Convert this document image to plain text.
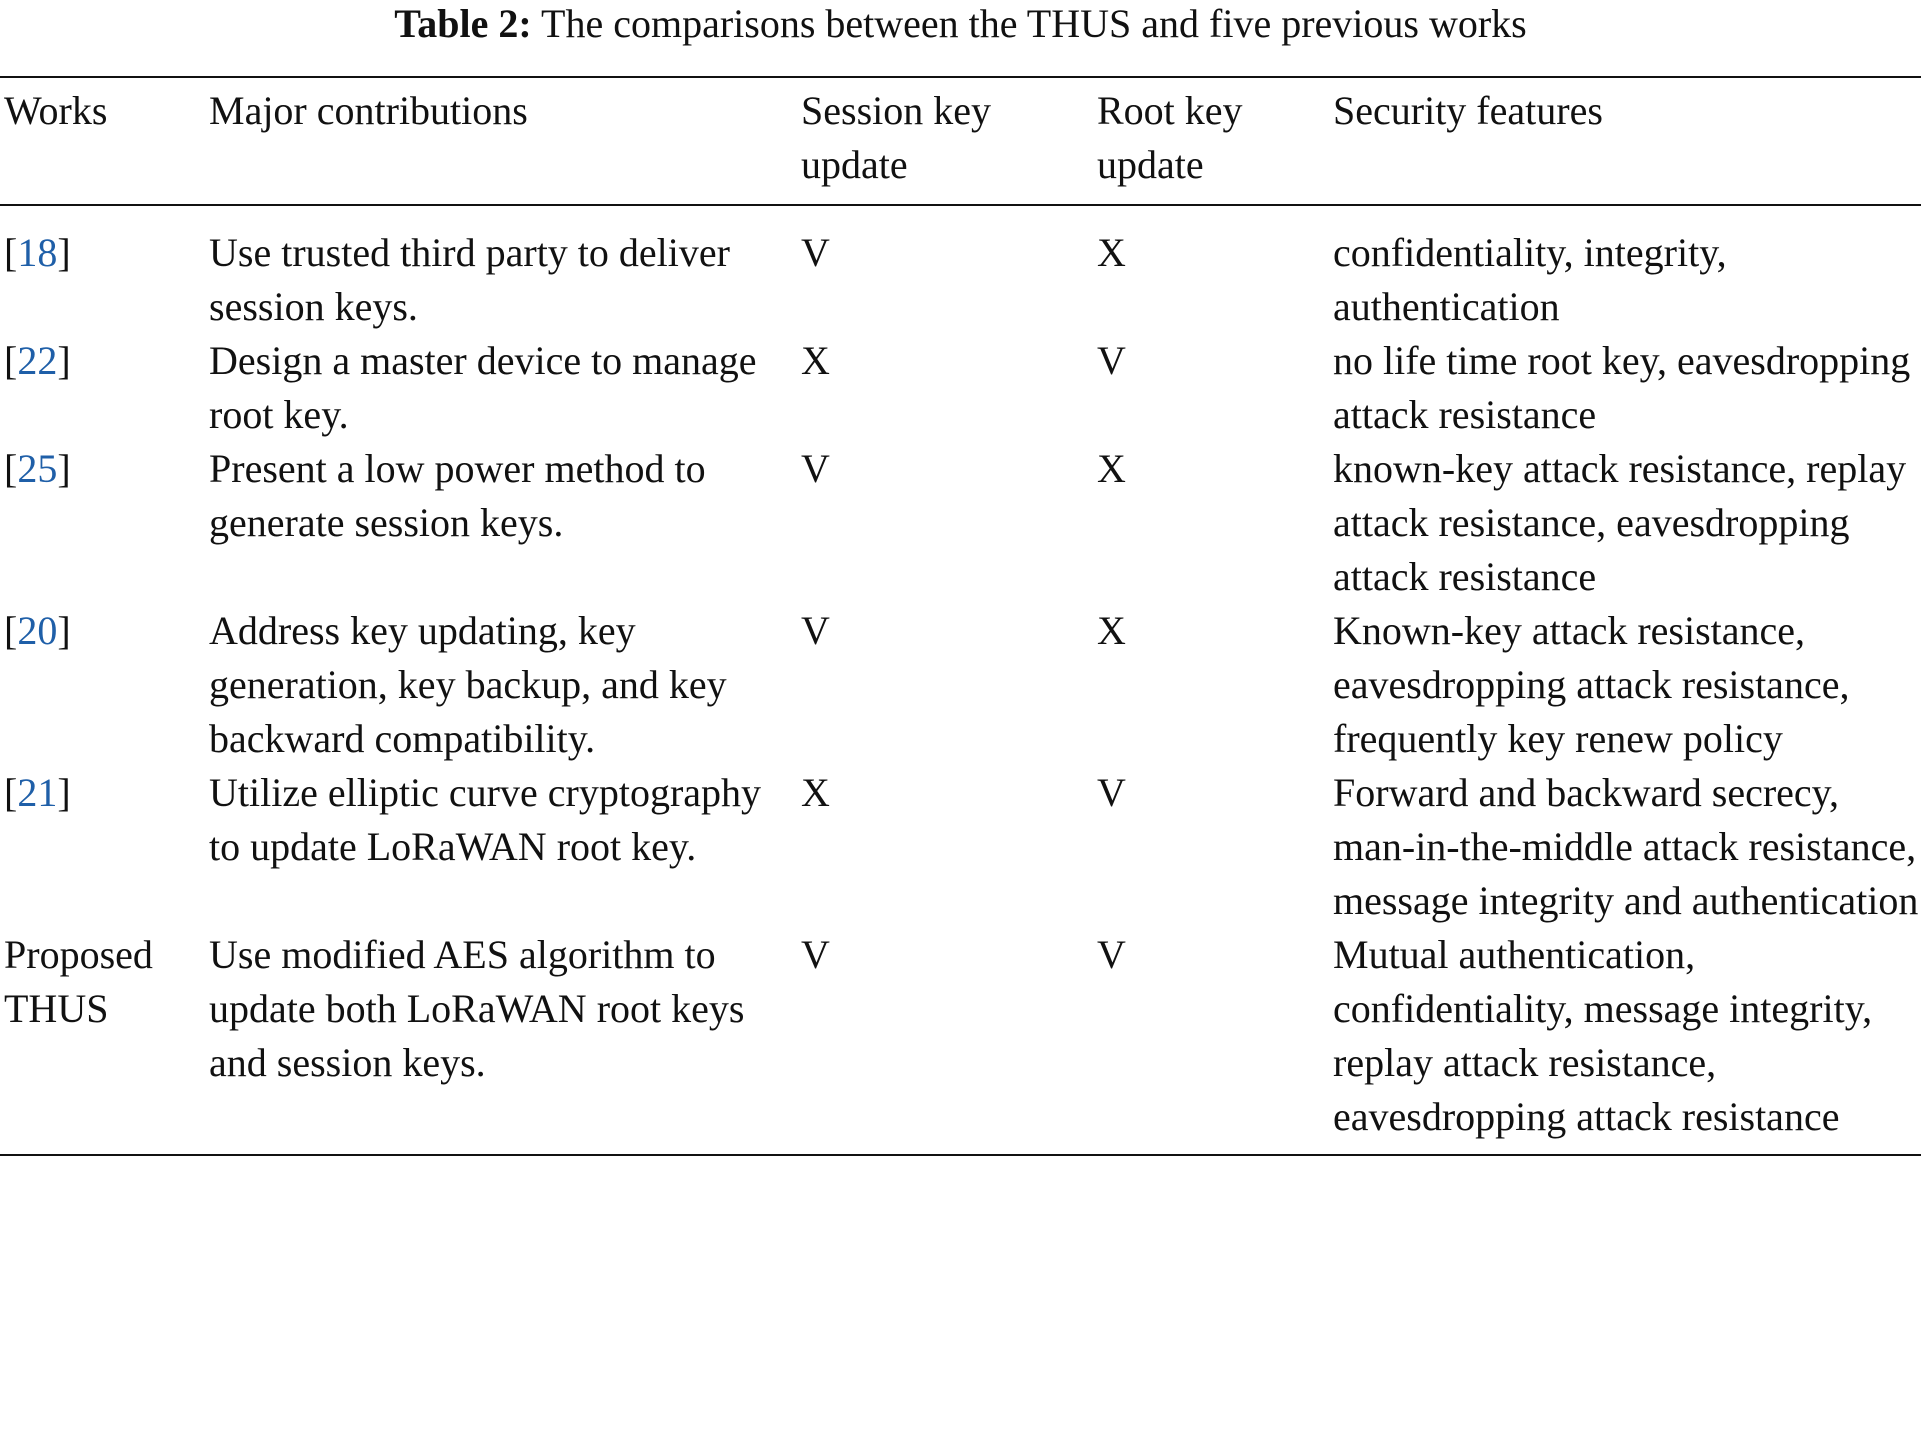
Table 2: The comparisons between the THUS and five previous works
Works	Major contributions	Session key update	Root key update	Security features
[18]	Use trusted third party to deliver session keys.	V	X	confidentiality, integrity, authentication
[22]	Design a master device to manage root key.	X	V	no life time root key, eavesdropping attack resistance
[25]	Present a low power method to generate session keys.	V	X	known-key attack resistance, replay attack resistance, eavesdropping attack resistance
[20]	Address key updating, key generation, key backup, and key backward compatibility.	V	X	Known-key attack resistance, eavesdropping attack resistance, frequently key renew policy
[21]	Utilize elliptic curve cryptography to update LoRaWAN root key.	X	V	Forward and backward secrecy, man-in-the-middle attack resistance, message integrity and authentication
Proposed THUS	Use modified AES algorithm to update both LoRaWAN root keys and session keys.	V	V	Mutual authentication, confidentiality, message integrity, replay attack resistance, eavesdropping attack resistance
